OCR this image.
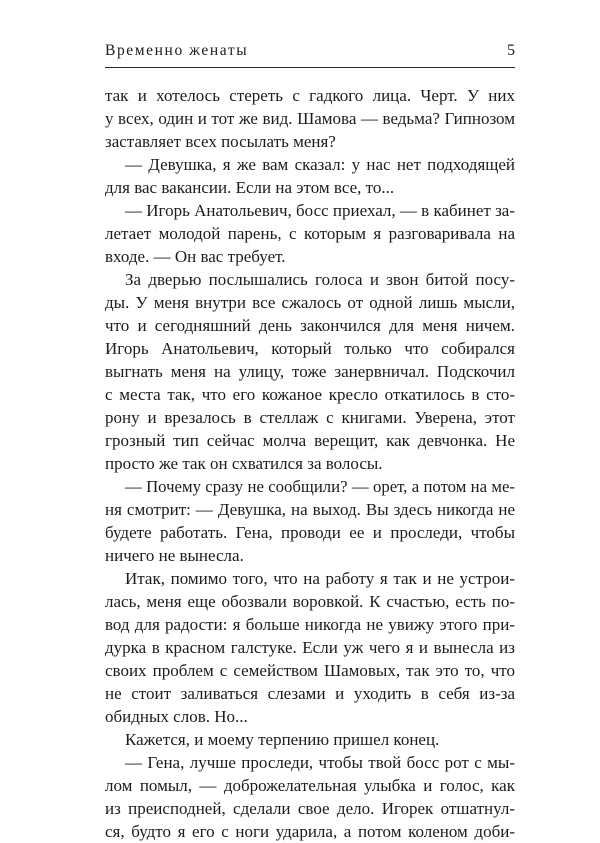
Временно женаты	5
так и хотелось стереть с гадкого лица. Черт. У них
у всех, один и тот же вид. Шамова — ведьма? Гипнозом
заставляет всех посылать меня?
— Девушка, я же вам сказал: у нас нет подходящей
для вас вакансии. Если на этом все, то...
— Игорь Анатольевич, босс приехал, — в кабинет за-
летает молодой парень, с которым я разговаривала на
входе. — Он вас требует.
За дверью послышались голоса и звон битой посу-
ды. У меня внутри все сжалось от одной лишь мысли,
что и сегодняшний день закончился для меня ничем.
Игорь Анатольевич, который только что собирался
выгнать меня на улицу, тоже занервничал. Подскочил
с места так, что его кожаное кресло откатилось в сто-
рону и врезалось в стеллаж с книгами. Уверена, этот
грозный тип сейчас молча верещит, как девчонка. Не
просто же так он схватился за волосы.
— Почему сразу не сообщили? — орет, а потом на ме-
ня смотрит: — Девушка, на выход. Вы здесь никогда не
будете работать. Гена, проводи ее и проследи, чтобы
ничего не вынесла.
Итак, помимо того, что на работу я так и не устрои-
лась, меня еще обозвали воровкой. К счастью, есть по-
вод для радости: я больше никогда не увижу этого при-
дурка в красном галстуке. Если уж чего я и вынесла из
своих проблем с семейством Шамовых, так это то, что
не стоит заливаться слезами и уходить в себя из-за
обидных слов. Но...
Кажется, и моему терпению пришел конец.
— Гена, лучше проследи, чтобы твой босс рот с мы-
лом помыл, — доброжелательная улыбка и голос, как
из преисподней, сделали свое дело. Игорек отшатнул-
ся, будто я его с ноги ударила, а потом коленом доби-
